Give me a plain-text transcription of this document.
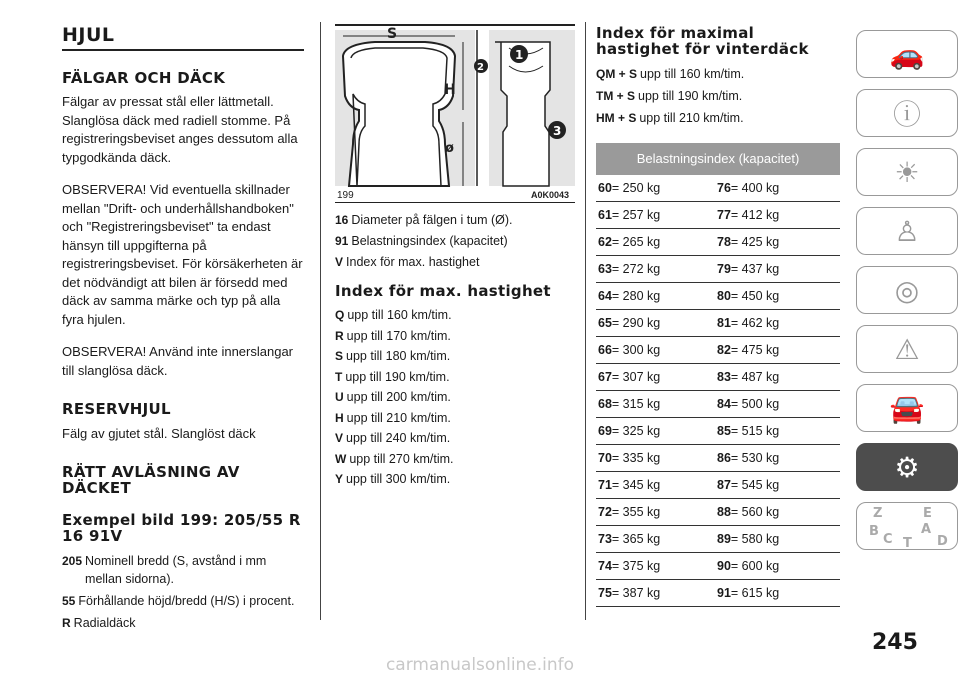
HJUL
FÄLGAR OCH DÄCK

Fälgar av pressat stål eller lättmetall. Slanglösa däck med radiell stomme. På registreringsbeviset anges dessutom alla typgodkända däck.

OBSERVERA! Vid eventuella skillnader mellan "Drift- och underhållshandboken" och "Registreringsbeviset" ta endast hänsyn till uppgifterna på registreringsbeviset. För körsäkerheten är det nödvändigt att bilen är försedd med däck av samma märke och typ på alla fyra hjulen.

OBSERVERA! Använd inte innerslangar till slanglösa däck.

RESERVHJUL

Fälg av gjutet stål. Slanglöst däck

RÄTT AVLÄSNING AV DÄCKET
Exempel bild 199: 205/55 R 16 91V
205 Nominell bredd (S, avstånd i mm mellan sidorna).
55 Förhållande höjd/bredd (H/S) i procent.
R Radialdäck
S
H
ø
2
1
3
199	A0K0043
16 Diameter på fälgen i tum (Ø).
91 Belastningsindex (kapacitet)
V Index för max. hastighet
Index för max. hastighet
Q upp till 160 km/tim.
R upp till 170 km/tim.
S upp till 180 km/tim.
T upp till 190 km/tim.
U upp till 200 km/tim.
H upp till 210 km/tim.
V upp till 240 km/tim.
W upp till 270 km/tim.
Y upp till 300 km/tim.
Index för maximal hastighet för vinterdäck
QM + S upp till 160 km/tim.
TM + S upp till 190 km/tim.
HM + S upp till 210 km/tim.
Belastningsindex (kapacitet)
60= 250 kg	76= 400 kg
61= 257 kg	77= 412 kg
62= 265 kg	78= 425 kg
63= 272 kg	79= 437 kg
64= 280 kg	80= 450 kg
65= 290 kg	81= 462 kg
66= 300 kg	82= 475 kg
67= 307 kg	83= 487 kg
68= 315 kg	84= 500 kg
69= 325 kg	85= 515 kg
70= 335 kg	86= 530 kg
71= 345 kg	87= 545 kg
72= 355 kg	88= 560 kg
73= 365 kg	89= 580 kg
74= 375 kg	90= 600 kg
75= 387 kg	91= 615 kg
🚗
ⓘ
☀
♙
◎
⚠
🚘
⚙
Z	E
B	A
C	D
T
245
carmanualsonline.info
